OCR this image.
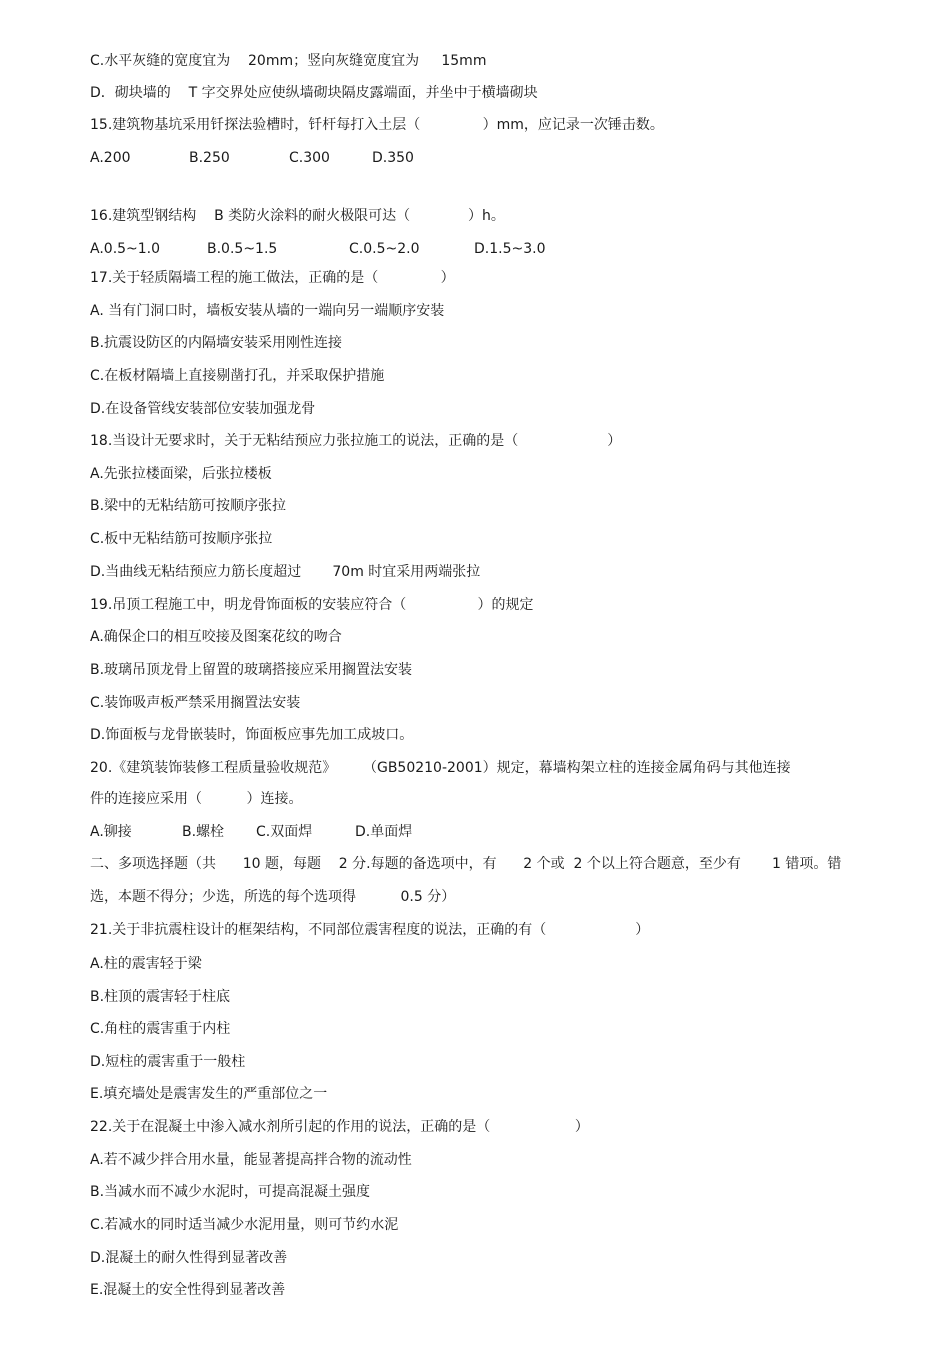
C.水平灰缝的宽度宜为    20mm；竖向灰缝宽度宜为     15mm
D．砌块墙的    T 字交界处应使纵墙砌块隔皮露端面，并坐中于横墙砌块
15.建筑物基坑采用钎探法验槽时，钎杆每打入土层（              ）mm，应记录一次锤击数。
A.200	B.250	C.300	D.350
16.建筑型钢结构    B 类防火涂料的耐火极限可达（             ）h。
A.0.5~1.0	B.0.5~1.5	C.0.5~2.0	D.1.5~3.0
17.关于轻质隔墙工程的施工做法，正确的是（              ）
A. 当有门洞口时，墙板安装从墙的一端向另一端顺序安装
B.抗震设防区的内隔墙安装采用刚性连接
C.在板材隔墙上直接剔凿打孔，并采取保护措施
D.在设备管线安装部位安装加强龙骨
18.当设计无要求时，关于无粘结预应力张拉施工的说法，正确的是（                    ）
A.先张拉楼面梁，后张拉楼板
B.梁中的无粘结筋可按顺序张拉
C.板中无粘结筋可按顺序张拉
D.当曲线无粘结预应力筋长度超过       70m 时宜采用两端张拉
19.吊顶工程施工中，明龙骨饰面板的安装应符合（                ）的规定
A.确保企口的相互咬接及图案花纹的吻合
B.玻璃吊顶龙骨上留置的玻璃搭接应采用搁置法安装
C.装饰吸声板严禁采用搁置法安装
D.饰面板与龙骨嵌装时，饰面板应事先加工成坡口。
20.《建筑装饰装修工程质量验收规范》      （GB50210-2001）规定，幕墙构架立柱的连接金属角码与其他连接
件的连接应采用（          ）连接。
A.铆接	B.螺栓 C.双面焊	D.单面焊
二、多项选择题（共      10 题，每题    2 分.每题的备选项中，有      2 个或  2 个以上符合题意，至少有       1 错项。错
选，本题不得分；少选，所选的每个选项得          0.5 分）
21.关于非抗震柱设计的框架结构，不同部位震害程度的说法，正确的有（                    ）
A.柱的震害轻于梁
B.柱顶的震害轻于柱底
C.角柱的震害重于内柱
D.短柱的震害重于一般柱
E.填充墙处是震害发生的严重部位之一
22.关于在混凝土中渗入减水剂所引起的作用的说法，正确的是（                   ）
A.若不减少拌合用水量，能显著提高拌合物的流动性
B.当减水而不减少水泥时，可提高混凝土强度
C.若减水的同时适当减少水泥用量，则可节约水泥
D.混凝土的耐久性得到显著改善
E.混凝土的安全性得到显著改善
